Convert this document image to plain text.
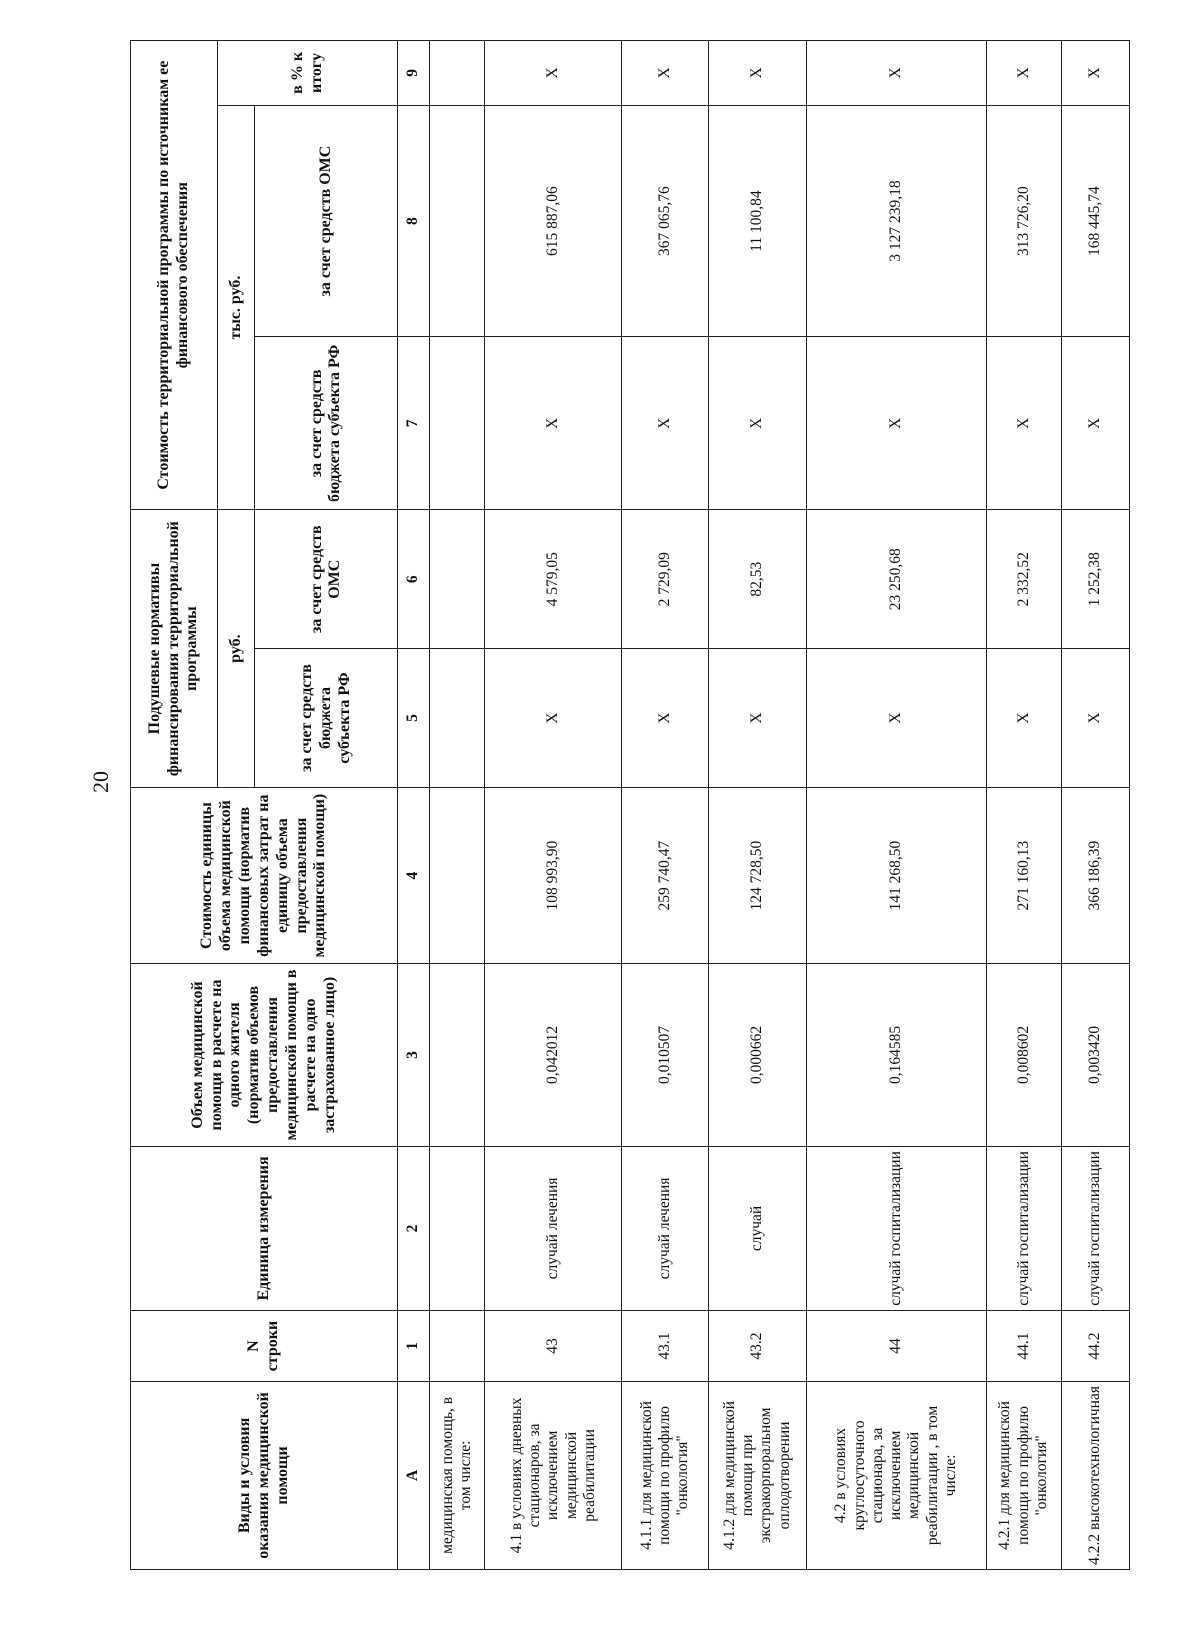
20
Виды и условия оказания медицинской помощи	N строки	Единица измерения	Объем медицинской помощи в расчете на одного жителя (норматив объемов предоставления медицинской помощи в расчете на одно застрахованное лицо)	Стоимость единицы объема медицинской помощи (норматив финансовых затрат на единицу объема предоставления медицинской помощи)	Подушевые нормативы финансирования территориальной программы		Стоимость территориальной программы по источникам ее финансового обеспечения		
					руб.		тыс. руб.		в % к итогу
					за счет средств бюджета субъекта РФ	за счет средств ОМС	за счет средств бюджета субъекта РФ	за счет средств ОМС	
А	1	2	3	4	5	6	7	8	9
медицинская помощь, в том числе:									
4.1 в условиях дневных стационаров, за исключением медицинской реабилитации	43	случай лечения	0,042012	108 993,90	X	4 579,05	X	615 887,06	X
4.1.1 для медицинской помощи по профилю "онкология"	43.1	случай лечения	0,010507	259 740,47	X	2 729,09	X	367 065,76	X
4.1.2 для медицинской помощи при экстракорпоральном оплодотворении	43.2	случай	0,000662	124 728,50	X	82,53	X	11 100,84	X
4.2 в условиях круглосуточного стационара, за исключением медицинской реабилитации , в том числе:	44	случай госпитализации	0,164585	141 268,50	X	23 250,68	X	3 127 239,18	X
4.2.1 для медицинской помощи по профилю "онкология"	44.1	случай госпитализации	0,008602	271 160,13	X	2 332,52	X	313 726,20	X
4.2.2 высокотехнологичная	44.2	случай госпитализации	0,003420	366 186,39	X	1 252,38	X	168 445,74	X
